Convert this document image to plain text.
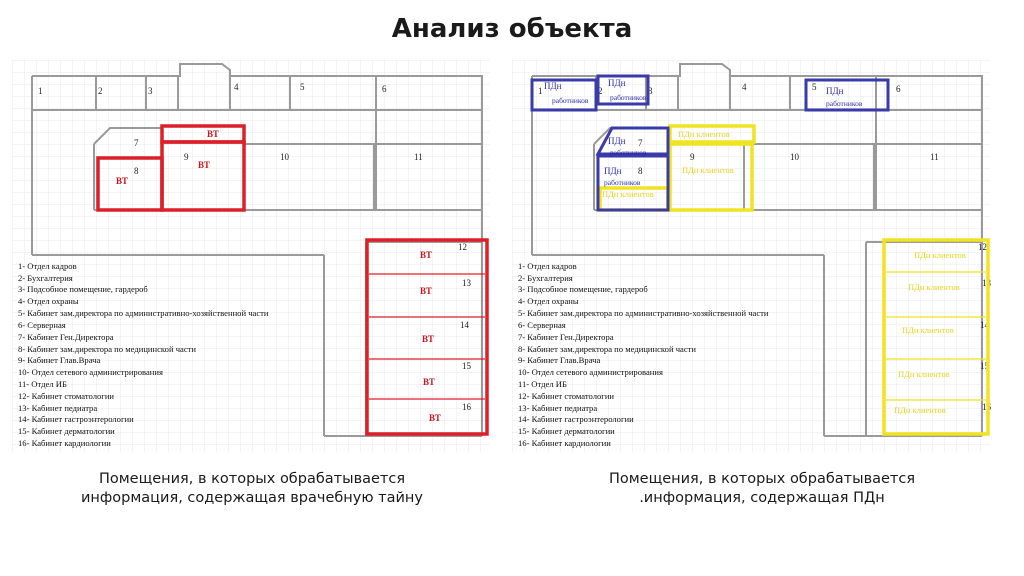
Анализ объекта
1	2	3	4	5	6
7
8
9	10	11
12
13
14
15
16
ВТ
ВТ
ВТ
ВТ
ВТ
ВТ
ВТ
ВТ
1- Отдел кадров
2- Бухгалтерия
3- Подсобное помещение, гардероб
4- Отдел охраны
5- Кабинет зам.директора по административно-хозяйственной части
6- Серверная
7- Кабинет Ген.Директора
8- Кабинет зам.директора по медицинской части
9- Кабинет Глав.Врача
10- Отдел сетевого администрирования
11- Отдел ИБ
12- Кабинет стоматологии
13- Кабинет педиатра
14- Кабинет гастроэнтерологии
15- Кабинет дерматологии
16- Кабинет кардиологии
1	2	3	4	5	6
7
8
9	10	11
12
13
14
15
16
ПДн
работников
ПДн
работников
ПДн
работников
ПДн
работников
ПДн
работников
ПДн клиентов
ПДн клиентов
ПДн клиентов
ПДн клиентов
ПДн клиентов
ПДн клиентов
ПДн клиентов
ПДн клиентов
1- Отдел кадров
2- Бухгалтерия
3- Подсобное помещение, гардероб
4- Отдел охраны
5- Кабинет зам.директора по административно-хозяйственной части
6- Серверная
7- Кабинет Ген.Директора
8- Кабинет зам.директора по медицинской части
9- Кабинет Глав.Врача
10- Отдел сетевого администрирования
11- Отдел ИБ
12- Кабинет стоматологии
13- Кабинет педиатра
14- Кабинет гастроэнтерологии
15- Кабинет дерматологии
16- Кабинет кардиологии
Помещения, в которых обрабатывается
информация, содержащая врачебную тайну
Помещения, в которых обрабатывается
.информация, содержащая ПДн
